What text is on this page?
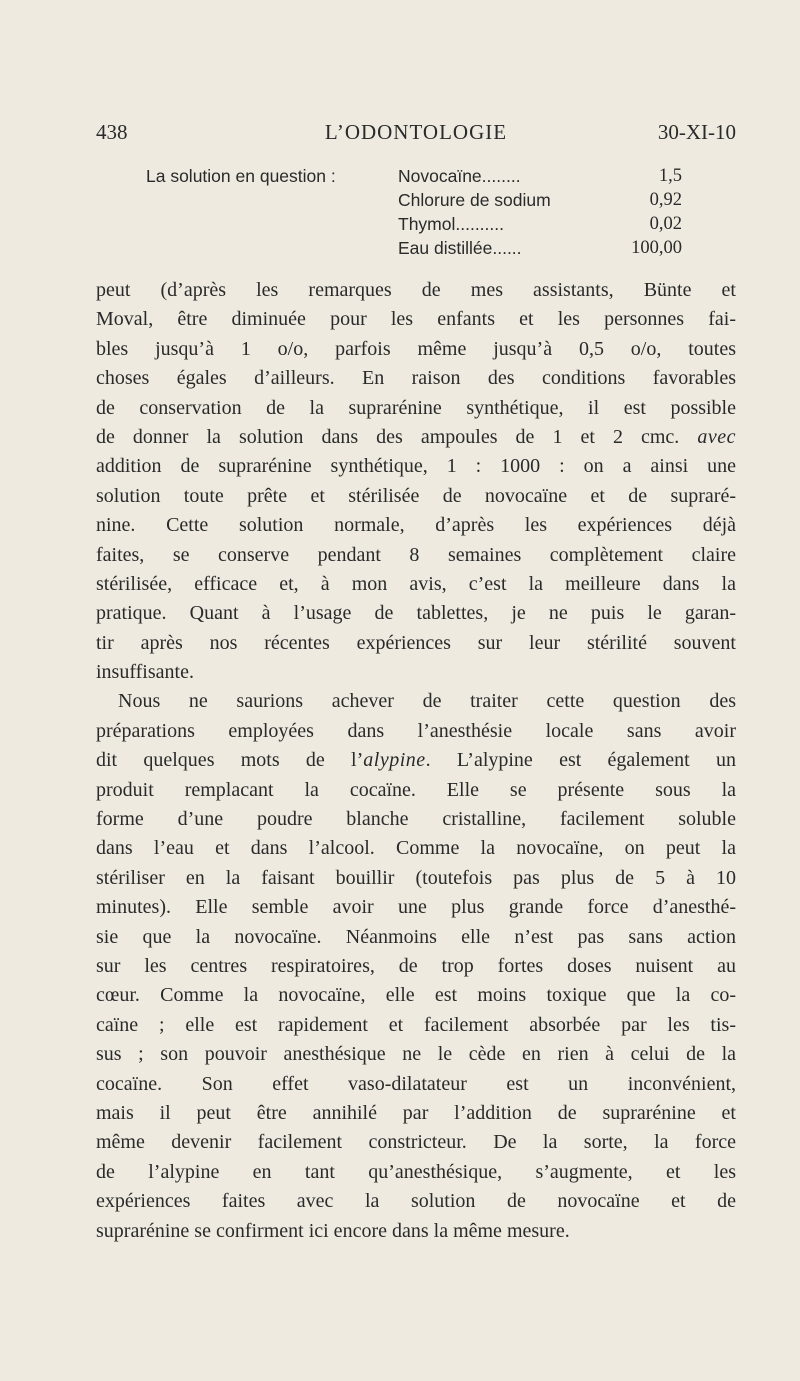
438	L’ODONTOLOGIE	30-XI-10
La solution en question :	Novocaïne........	1,5
Chlorure de sodium	0,92
Thymol..........	0,02
Eau distillée......	100,00
peut (d’après les remarques de mes assistants, Bünte et
Moval, être diminuée pour les enfants et les personnes fai-
bles jusqu’à 1 o/o, parfois même jusqu’à 0,5 o/o, toutes
choses égales d’ailleurs. En raison des conditions favorables
de conservation de la suprarénine synthétique, il est possible
de donner la solution dans des ampoules de 1 et 2 cmc. avec
addition de suprarénine synthétique, 1 : 1000 : on a ainsi une
solution toute prête et stérilisée de novocaïne et de supraré-
nine. Cette solution normale, d’après les expériences déjà
faites, se conserve pendant 8 semaines complètement claire
stérilisée, efficace et, à mon avis, c’est la meilleure dans la
pratique. Quant à l’usage de tablettes, je ne puis le garan-
tir après nos récentes expériences sur leur stérilité souvent
insuffisante.
Nous ne saurions achever de traiter cette question des
préparations employées dans l’anesthésie locale sans avoir
dit quelques mots de l’alypine. L’alypine est également un
produit remplacant la cocaïne. Elle se présente sous la
forme d’une poudre blanche cristalline, facilement soluble
dans l’eau et dans l’alcool. Comme la novocaïne, on peut la
stériliser en la faisant bouillir (toutefois pas plus de 5 à 10
minutes). Elle semble avoir une plus grande force d’anesthé-
sie que la novocaïne. Néanmoins elle n’est pas sans action
sur les centres respiratoires, de trop fortes doses nuisent au
cœur. Comme la novocaïne, elle est moins toxique que la co-
caïne ; elle est rapidement et facilement absorbée par les tis-
sus ; son pouvoir anesthésique ne le cède en rien à celui de la
cocaïne. Son effet vaso-dilatateur est un inconvénient,
mais il peut être annihilé par l’addition de suprarénine et
même devenir facilement constricteur. De la sorte, la force
de l’alypine en tant qu’anesthésique, s’augmente, et les
expériences faites avec la solution de novocaïne et de
suprarénine se confirment ici encore dans la même mesure.
